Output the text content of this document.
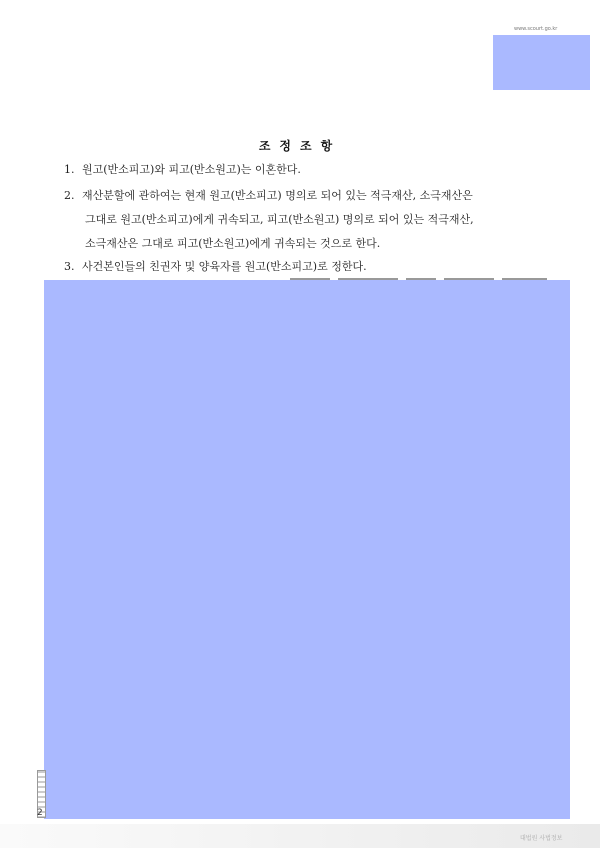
www.scourt.go.kr
조정조항
1. 원고(반소피고)와 피고(반소원고)는 이혼한다.
2. 재산분할에 관하여는 현재 원고(반소피고) 명의로 되어 있는 적극재산, 소극재산은
그대로 원고(반소피고)에게 귀속되고, 피고(반소원고) 명의로 되어 있는 적극재산,
소극재산은 그대로 피고(반소원고)에게 귀속되는 것으로 한다.
3. 사건본인들의 친권자 및 양육자를 원고(반소피고)로 정한다.
2
대법원 사법정보
